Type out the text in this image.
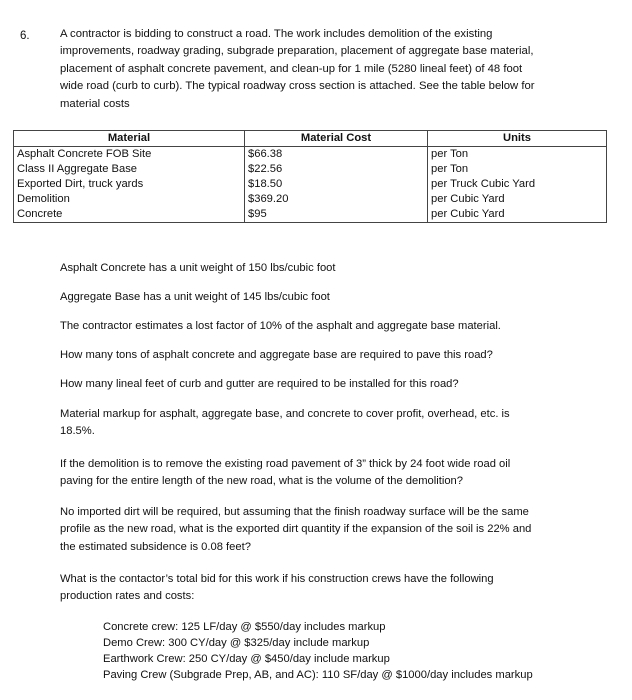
6.	A contractor is bidding to construct a road. The work includes demolition of the existing
improvements, roadway grading, subgrade preparation, placement of aggregate base material,
placement of asphalt concrete pavement, and clean-up for 1 mile (5280 lineal feet) of 48 foot
wide road (curb to curb). The typical roadway cross section is attached. See the table below for
material costs
Material	Material Cost	Units
Asphalt Concrete FOB Site	$66.38	per Ton
Class II Aggregate Base	$22.56	per Ton
Exported Dirt, truck yards	$18.50	per Truck Cubic Yard
Demolition	$369.20	per Cubic Yard
Concrete	$95	per Cubic Yard
Asphalt Concrete has a unit weight of 150 lbs/cubic foot
Aggregate Base has a unit weight of 145 lbs/cubic foot
The contractor estimates a lost factor of 10% of the asphalt and aggregate base material.
How many tons of asphalt concrete and aggregate base are required to pave this road?
How many lineal feet of curb and gutter are required to be installed for this road?
Material markup for asphalt, aggregate base, and concrete to cover profit, overhead, etc. is
18.5%.
If the demolition is to remove the existing road pavement of 3” thick by 24 foot wide road oil
paving for the entire length of the new road, what is the volume of the demolition?
No imported dirt will be required, but assuming that the finish roadway surface will be the same
profile as the new road, what is the exported dirt quantity if the expansion of the soil is 22% and
the estimated subsidence is 0.08 feet?
What is the contactor’s total bid for this work if his construction crews have the following
production rates and costs:
Concrete crew: 125 LF/day @ $550/day includes markup
Demo Crew: 300 CY/day @ $325/day include markup
Earthwork Crew: 250 CY/day @ $450/day include markup
Paving Crew (Subgrade Prep, AB, and AC): 110 SF/day @ $1000/day includes markup
